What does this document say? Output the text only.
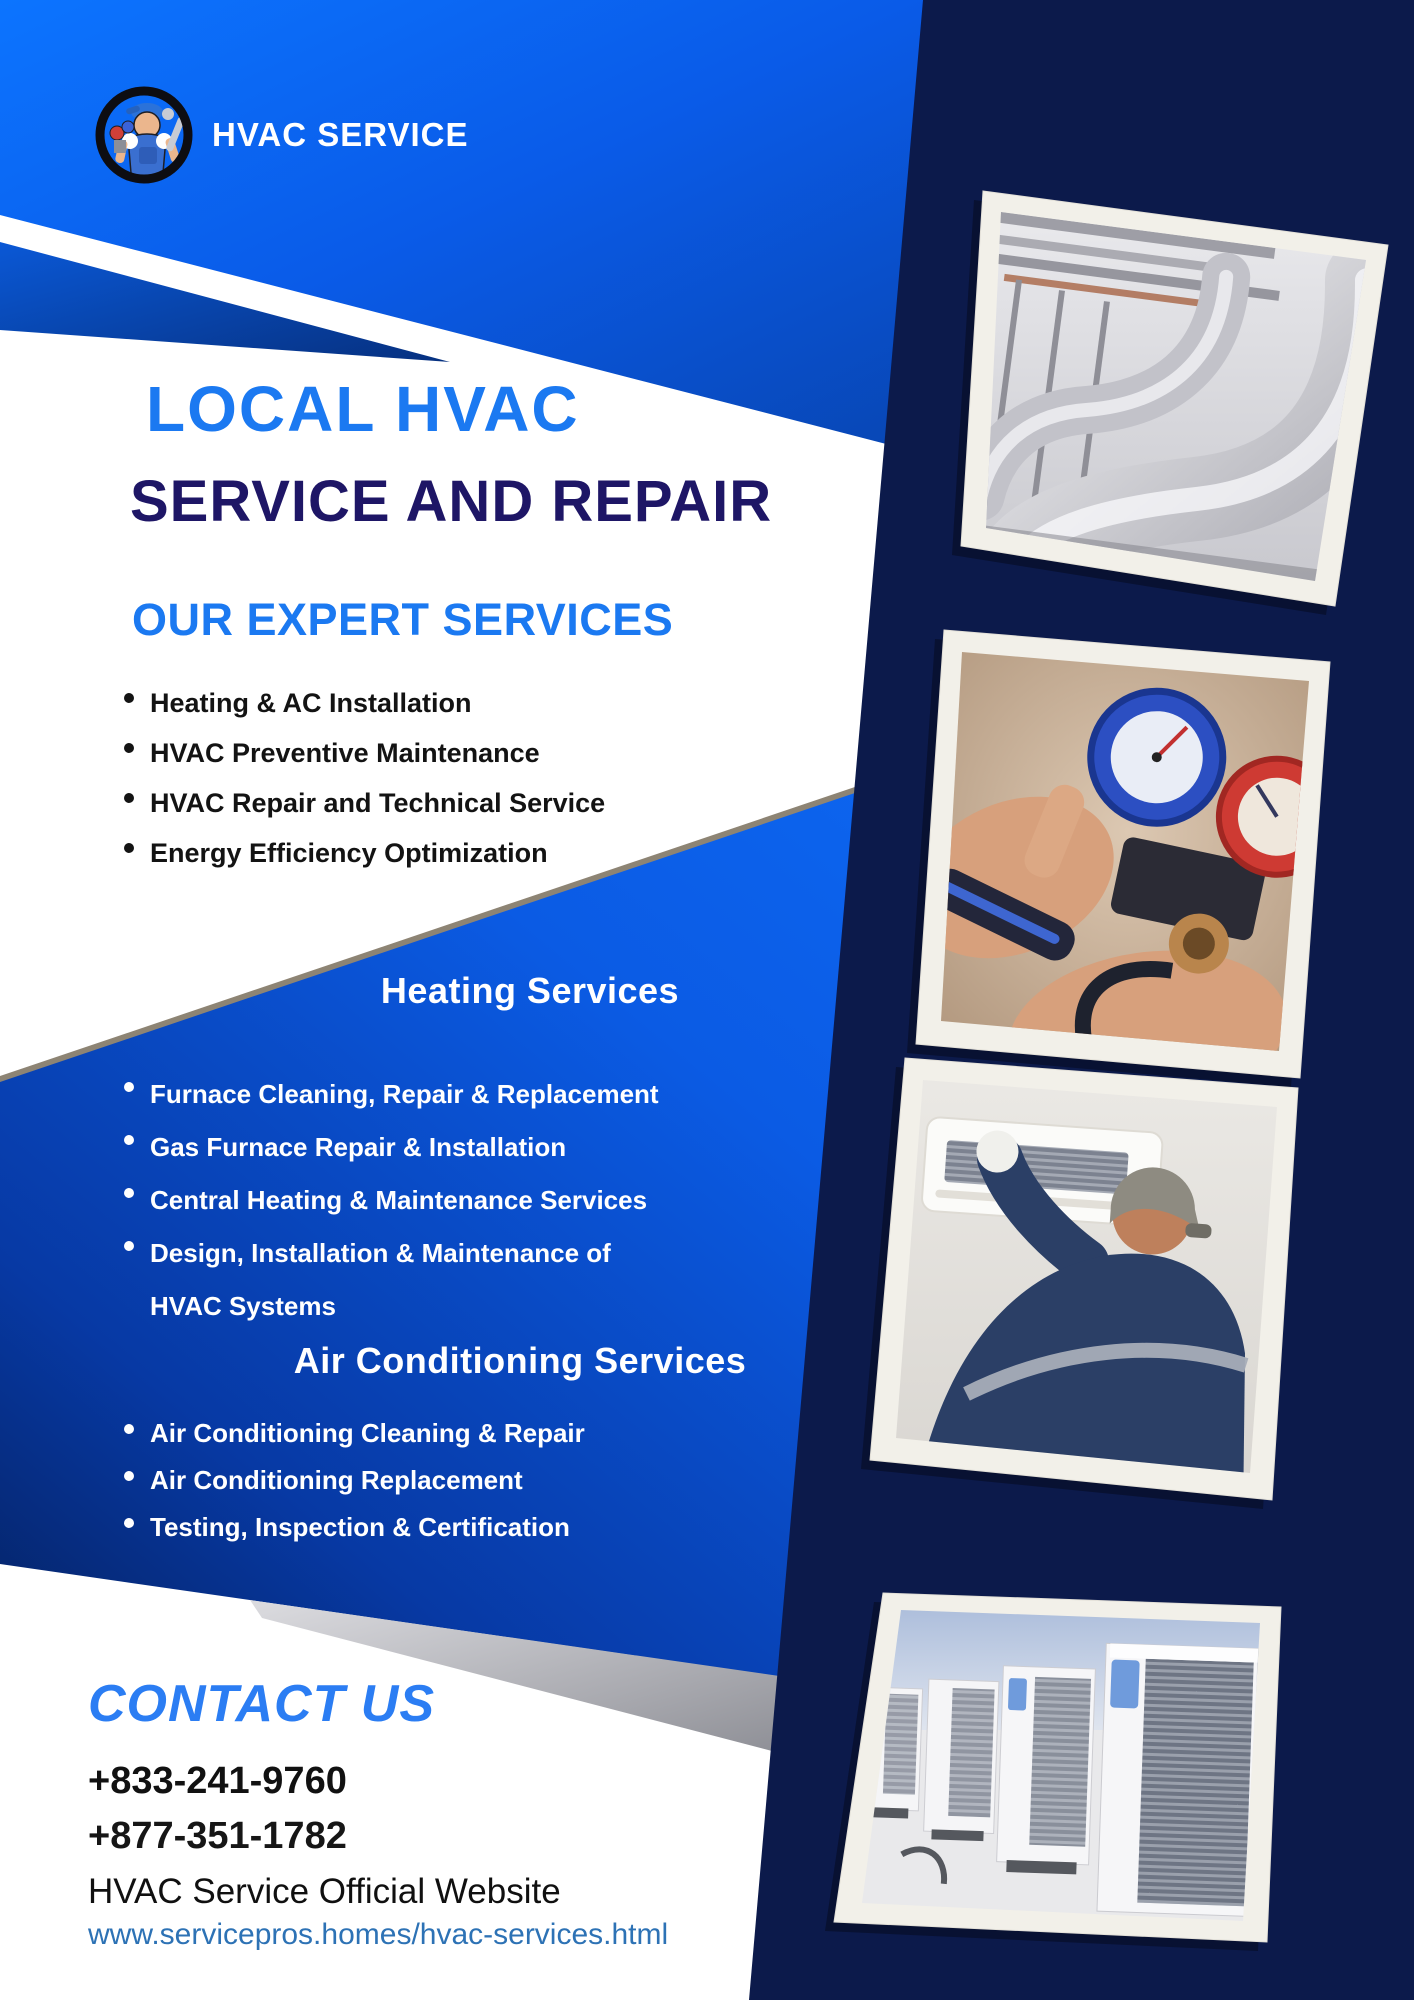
HVAC SERVICE
LOCAL HVAC
SERVICE AND REPAIR
OUR EXPERT SERVICES
Heating & AC Installation
HVAC Preventive Maintenance
HVAC Repair and Technical Service
Energy Efficiency Optimization
Heating Services
Furnace Cleaning, Repair & Replacement
Gas Furnace Repair & Installation
Central Heating & Maintenance Services
Design, Installation & Maintenance of HVAC Systems
Air Conditioning Services
Air Conditioning Cleaning & Repair
Air Conditioning Replacement
Testing, Inspection & Certification
CONTACT US
+833-241-9760
+877-351-1782
HVAC Service Official Website
www.servicepros.homes/hvac-services.html
